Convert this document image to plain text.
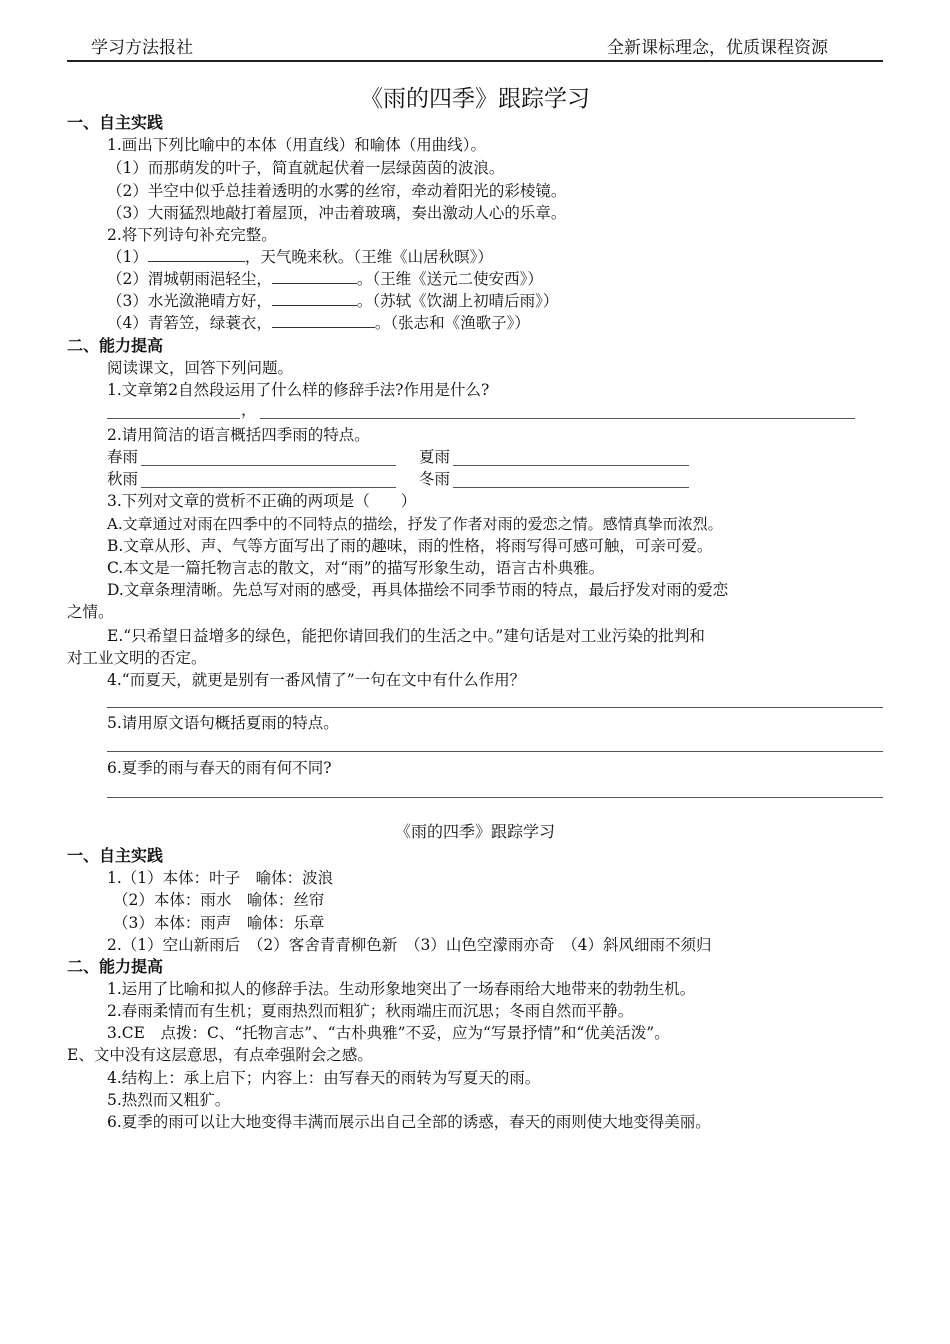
学习方法报社	全新课标理念，优质课程资源
《雨的四季》跟踪学习
一、自主实践
1.画出下列比喻中的本体（用直线）和喻体（用曲线）。
（1）而那萌发的叶子，简直就起伏着一层绿茵茵的波浪。
（2）半空中似乎总挂着透明的水雾的丝帘，牵动着阳光的彩棱镜。
（3）大雨猛烈地敲打着屋顶，冲击着玻璃，奏出激动人心的乐章。
2.将下列诗句补充完整。
（1）	，天气晚来秋。（王维《山居秋暝》）
（2）渭城朝雨浥轻尘，	。（王维《送元二使安西》）
（3）水光潋滟晴方好，	。（苏轼《饮湖上初晴后雨》）
（4）青箬笠，绿蓑衣，	。（张志和《渔歌子》）
二、能力提高
阅读课文，回答下列问题。
1.文章第2自然段运用了什么样的修辞手法?作用是什么?
，
2.请用简洁的语言概括四季雨的特点。
春雨	夏雨
秋雨	冬雨
3.下列对文章的赏析不正确的两项是（　　）
A.文章通过对雨在四季中的不同特点的描绘，抒发了作者对雨的爱恋之情。感情真挚而浓烈。
B.文章从形、声、气等方面写出了雨的趣味，雨的性格，将雨写得可感可触，可亲可爱。
C.本文是一篇托物言志的散文，对“雨”的描写形象生动，语言古朴典雅。
D.文章条理清晰。先总写对雨的感受，再具体描绘不同季节雨的特点，最后抒发对雨的爱恋
之情。
E.“只希望日益增多的绿色，能把你请回我们的生活之中。”建句话是对工业污染的批判和
对工业文明的否定。
4.“而夏天，就更是别有一番风情了”一句在文中有什么作用？
5.请用原文语句概括夏雨的特点。
6.夏季的雨与春天的雨有何不同?
《雨的四季》跟踪学习
一、自主实践
1.（1）本体：叶子　喻体：波浪
（2）本体：雨水　喻体：丝帘
（3）本体：雨声　喻体：乐章
2.（1）空山新雨后　（2）客舍青青柳色新　（3）山色空濛雨亦奇　（4）斜风细雨不须归
二、能力提高
1.运用了比喻和拟人的修辞手法。生动形象地突出了一场春雨给大地带来的勃勃生机。
2.春雨柔情而有生机；夏雨热烈而粗犷；秋雨端庄而沉思；冬雨自然而平静。
3.CE　点拨：C、“托物言志”、“古朴典雅”不妥，应为“写景抒情”和“优美活泼”。
E、文中没有这层意思，有点牵强附会之感。
4.结构上：承上启下；内容上：由写春天的雨转为写夏天的雨。
5.热烈而又粗犷。
6.夏季的雨可以让大地变得丰满而展示出自己全部的诱惑，春天的雨则使大地变得美丽。
